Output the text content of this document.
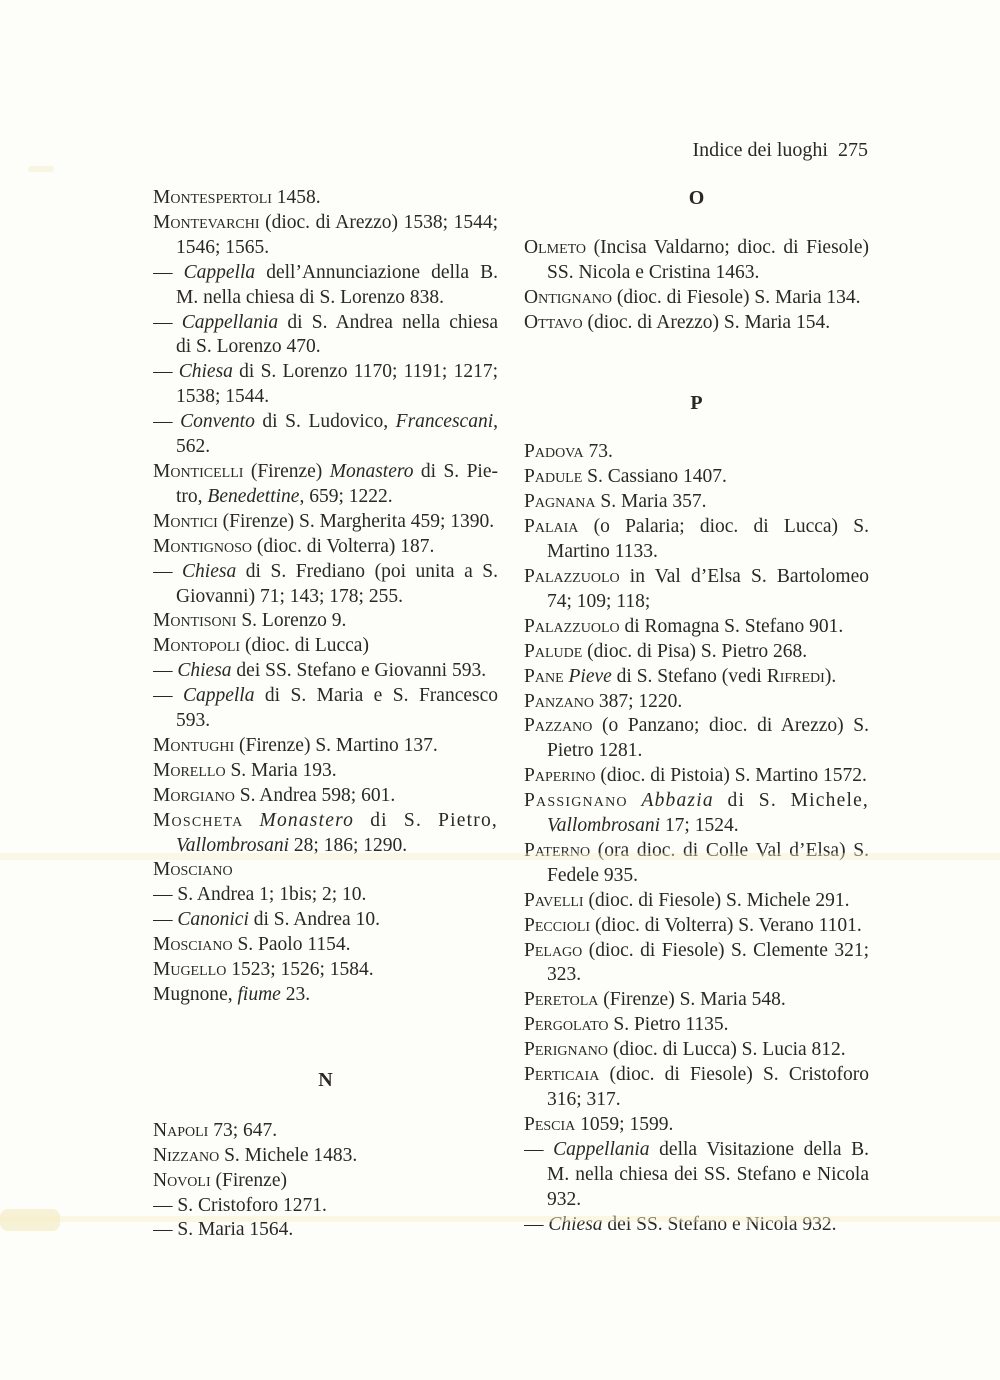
Indice dei luoghi  275

Montespertoli 1458.
Montevarchi (dioc. di Arezzo) 1538; 1544;
1546; 1565.
— Cappella dell’Annunciazione della B.
M. nella chiesa di S. Lorenzo 838.
— Cappellania di S. Andrea nella chiesa
di S. Lorenzo 470.
— Chiesa di S. Lorenzo 1170; 1191; 1217;
1538; 1544.
— Convento di S. Ludovico, Francescani,
562.
Monticelli (Firenze) Monastero di S. Pie-
tro, Benedettine, 659; 1222.
Montici (Firenze) S. Margherita 459; 1390.
Montignoso (dioc. di Volterra) 187.
— Chiesa di S. Frediano (poi unita a S.
Giovanni) 71; 143; 178; 255.
Montisoni S. Lorenzo 9.
Montopoli (dioc. di Lucca)
— Chiesa dei SS. Stefano e Giovanni 593.
— Cappella di S. Maria e S. Francesco
593.
Montughi (Firenze) S. Martino 137.
Morello S. Maria 193.
Morgiano S. Andrea 598; 601.
Moscheta Monastero di S. Pietro,
Vallombrosani 28; 186; 1290.
Mosciano
— S. Andrea 1; 1bis; 2; 10.
— Canonici di S. Andrea 10.
Mosciano S. Paolo 1154.
Mugello 1523; 1526; 1584.
Mugnone, fiume 23.
N
Napoli 73; 647.
Nizzano S. Michele 1483.
Novoli (Firenze)
— S. Cristoforo 1271.
— S. Maria 1564.
O
Olmeto (Incisa Valdarno; dioc. di Fiesole)
SS. Nicola e Cristina 1463.
Ontignano (dioc. di Fiesole) S. Maria 134.
Ottavo (dioc. di Arezzo) S. Maria 154.
P
Padova 73.
Padule S. Cassiano 1407.
Pagnana S. Maria 357.
Palaia (o Palaria; dioc. di Lucca) S.
Martino 1133.
Palazzuolo in Val d’Elsa S. Bartolomeo
74; 109; 118;
Palazzuolo di Romagna S. Stefano 901.
Palude (dioc. di Pisa) S. Pietro 268.
Pane Pieve di S. Stefano (vedi Rifredi).
Panzano 387; 1220.
Pazzano (o Panzano; dioc. di Arezzo) S.
Pietro 1281.
Paperino (dioc. di Pistoia) S. Martino 1572.
Passignano Abbazia di S. Michele,
Vallombrosani 17; 1524.
Paterno (ora dioc. di Colle Val d’Elsa) S.
Fedele 935.
Pavelli (dioc. di Fiesole) S. Michele 291.
Peccioli (dioc. di Volterra) S. Verano 1101.
Pelago (dioc. di Fiesole) S. Clemente 321;
323.
Peretola (Firenze) S. Maria 548.
Pergolato S. Pietro 1135.
Perignano (dioc. di Lucca) S. Lucia 812.
Perticaia (dioc. di Fiesole) S. Cristoforo
316; 317.
Pescia 1059; 1599.
— Cappellania della Visitazione della B.
M. nella chiesa dei SS. Stefano e Nicola
932.
— Chiesa dei SS. Stefano e Nicola 932.
